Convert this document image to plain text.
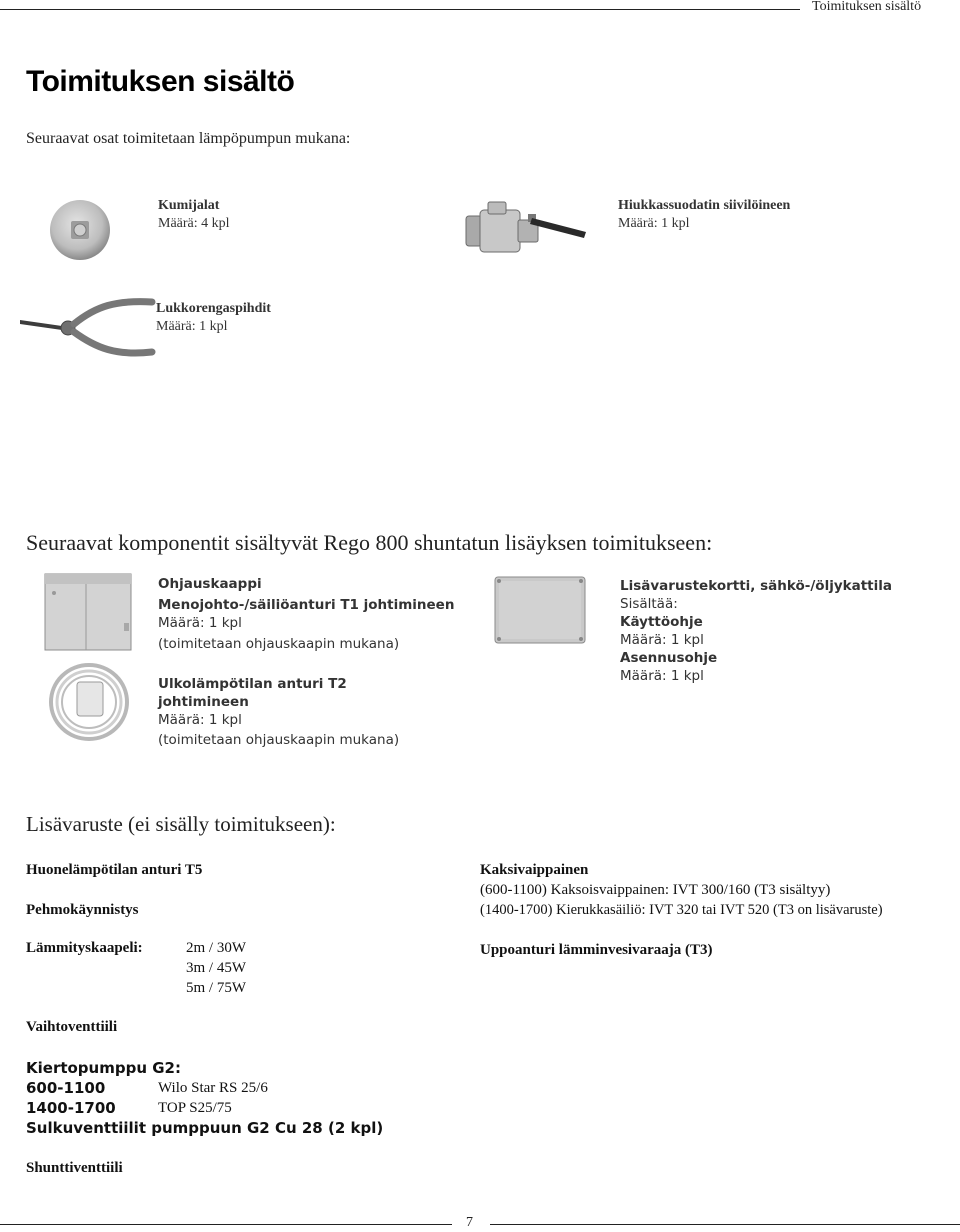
Toimituksen sisältö
Toimituksen sisältö
Seuraavat osat toimitetaan lämpöpumpun mukana:
Kumijalat
Määrä: 4 kpl
Hiukkassuodatin siivilöineen
Määrä: 1 kpl
Lukkorengaspihdit
Määrä: 1 kpl
Seuraavat komponentit sisältyvät Rego 800 shuntatun lisäyksen toimitukseen:
Ohjauskaappi
Menojohto-/säiliöanturi T1 johtimineen
Määrä: 1 kpl
(toimitetaan ohjauskaapin mukana)
Ulkolämpötilan anturi T2
johtimineen
Määrä: 1 kpl
(toimitetaan ohjauskaapin mukana)
Lisävarustekortti, sähkö-/öljykattila
Sisältää:
Käyttöohje
Määrä: 1 kpl
Asennusohje
Määrä: 1 kpl
Lisävaruste (ei sisälly toimitukseen):
Huonelämpötilan anturi T5
Pehmokäynnistys
Lämmityskaapeli:	2m / 30W
3m / 45W
5m / 75W
Vaihtoventtiili
Kiertopumppu G2:
600-1100	Wilo Star RS 25/6
1400-1700	TOP S25/75
Sulkuventtiilit pumppuun G2 Cu 28 (2 kpl)
Shunttiventtiili
Kaksivaippainen
(600-1100) Kaksoisvaippainen: IVT 300/160 (T3 sisältyy)
(1400-1700) Kierukkasäiliö: IVT 320 tai IVT 520 (T3 on lisävaruste)
Uppoanturi lämminvesivaraaja (T3)
7
